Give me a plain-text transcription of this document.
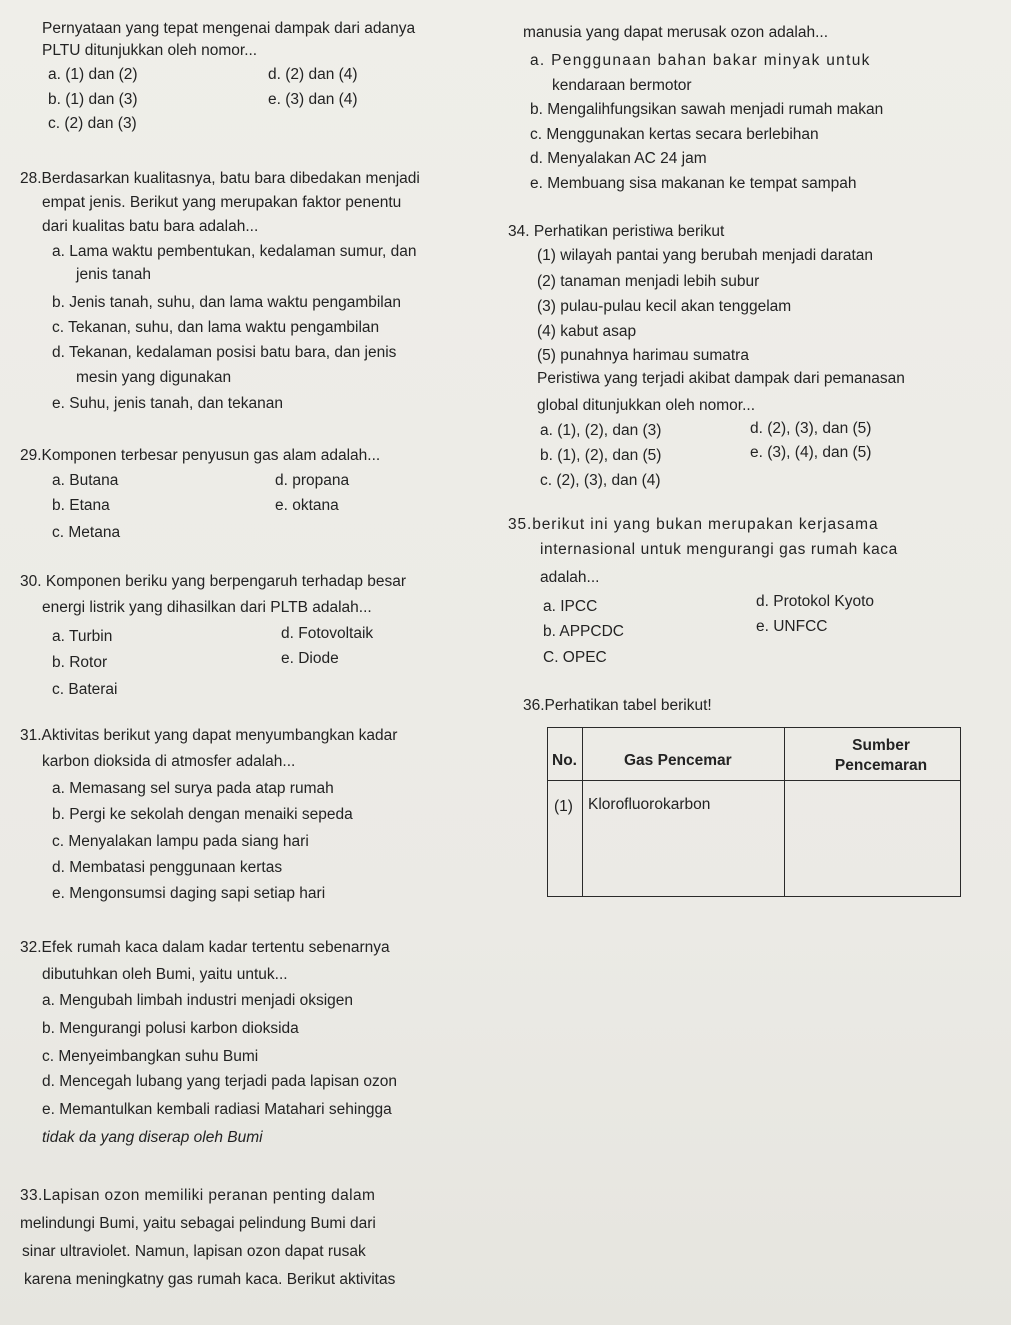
Pernyataan yang tepat mengenai dampak dari adanya
PLTU ditunjukkan oleh nomor...
a. (1) dan (2)
b. (1) dan (3)
c. (2) dan (3)
d. (2) dan (4)
e. (3) dan (4)
28.Berdasarkan kualitasnya, batu bara dibedakan menjadi
empat jenis. Berikut yang merupakan faktor penentu
dari kualitas batu bara adalah...
a. Lama waktu pembentukan, kedalaman sumur, dan
jenis tanah
b. Jenis tanah, suhu, dan lama waktu pengambilan
c. Tekanan, suhu, dan lama waktu pengambilan
d. Tekanan, kedalaman posisi batu bara, dan jenis
mesin yang digunakan
e. Suhu, jenis tanah, dan tekanan
29.Komponen terbesar penyusun gas alam adalah...
a. Butana
b. Etana
c. Metana
d. propana
e. oktana
30. Komponen beriku yang berpengaruh terhadap besar
energi listrik yang dihasilkan dari PLTB adalah...
a. Turbin
b. Rotor
c. Baterai
d. Fotovoltaik
e. Diode
31.Aktivitas berikut yang dapat menyumbangkan kadar
karbon dioksida di atmosfer adalah...
a. Memasang sel surya pada atap rumah
b. Pergi ke sekolah dengan menaiki sepeda
c. Menyalakan lampu pada siang hari
d. Membatasi penggunaan kertas
e. Mengonsumsi daging sapi setiap hari
32.Efek rumah kaca dalam kadar tertentu sebenarnya
dibutuhkan oleh Bumi, yaitu untuk...
a. Mengubah limbah industri menjadi oksigen
b. Mengurangi polusi karbon dioksida
c. Menyeimbangkan suhu Bumi
d. Mencegah lubang yang terjadi pada lapisan ozon
e. Memantulkan kembali radiasi Matahari sehingga
tidak da yang diserap oleh Bumi
33.Lapisan ozon memiliki peranan penting dalam
melindungi Bumi, yaitu sebagai pelindung Bumi dari
sinar ultraviolet. Namun, lapisan ozon dapat rusak
karena meningkatny gas rumah kaca. Berikut aktivitas
manusia yang dapat merusak ozon adalah...
a. Penggunaan bahan bakar minyak untuk
kendaraan bermotor
b. Mengalihfungsikan sawah menjadi rumah makan
c. Menggunakan kertas secara berlebihan
d. Menyalakan AC 24 jam
e. Membuang sisa makanan ke tempat sampah
34. Perhatikan peristiwa berikut
(1) wilayah pantai yang berubah menjadi daratan
(2) tanaman menjadi lebih subur
(3) pulau-pulau kecil akan tenggelam
(4) kabut asap
(5) punahnya harimau sumatra
Peristiwa yang terjadi akibat dampak dari pemanasan
global ditunjukkan oleh nomor...
a. (1), (2), dan (3)
b. (1), (2), dan (5)
c. (2), (3), dan (4)
d. (2), (3), dan (5)
e. (3), (4), dan (5)
35.berikut ini yang bukan merupakan kerjasama
internasional untuk mengurangi gas rumah kaca
adalah...
a. IPCC
b. APPCDC
C. OPEC
d. Protokol Kyoto
e. UNFCC
36.Perhatikan tabel berikut!
No.	Gas Pencemar
Sumber Pencemaran
(1) Klorofluorokarbon
